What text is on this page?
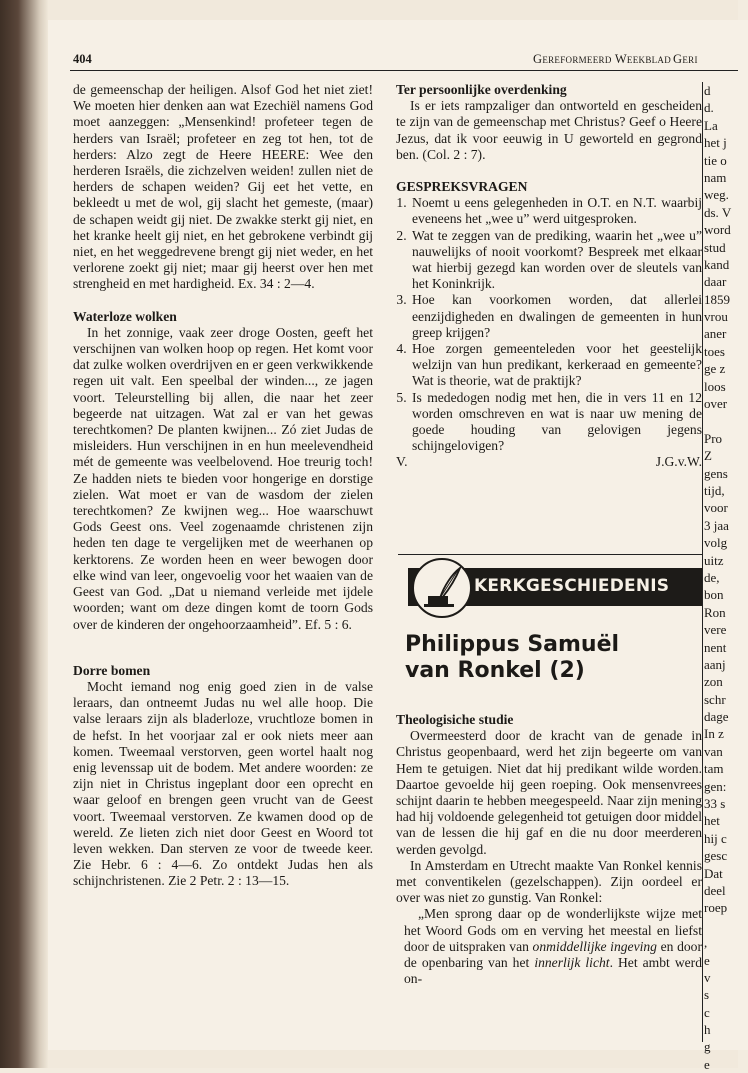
404	Gereformeerd Weekblad Geri

de gemeenschap der heiligen. Alsof God het niet ziet! We moeten hier denken aan wat Ezechiël namens God moet aanzeggen: „Mensenkind! profeteer tegen de herders van Israël; profeteer en zeg tot hen, tot de herders: Alzo zegt de Heere HEERE: Wee den herderen Israëls, die zichzelven weiden! zullen niet de herders de schapen weiden? Gij eet het vette, en bekleedt u met de wol, gij slacht het gemeste, (maar) de schapen weidt gij niet. De zwakke sterkt gij niet, en het kranke heelt gij niet, en het gebrokene verbindt gij niet, en het weggedrevene brengt gij niet weder, en het verlorene zoekt gij niet; maar gij heerst over hen met strengheid en met hardigheid. Ex. 34 : 2—4.

Waterloze wolken

In het zonnige, vaak zeer droge Oosten, geeft het verschijnen van wolken hoop op regen. Het komt voor dat zulke wolken overdrijven en er geen verkwikkende regen uit valt. Een speelbal der winden..., ze jagen voort. Teleurstelling bij allen, die naar het zeer begeerde nat uitzagen. Wat zal er van het gewas terechtkomen? De planten kwijnen... Zó ziet Judas de misleiders. Hun verschijnen in en hun meelevendheid mét de gemeente was veelbelovend. Hoe treurig toch! Ze hadden niets te bieden voor hongerige en dorstige zielen. Wat moet er van de wasdom der zielen terechtkomen? Ze kwijnen weg... Hoe waarschuwt Gods Geest ons. Veel zogenaamde christenen zijn heden ten dage te vergelijken met de weerhanen op kerktorens. Ze worden heen en weer bewogen door elke wind van leer, ongevoelig voor het waaien van de Geest van God. „Dat u niemand verleide met ijdele woorden; want om deze dingen komt de toorn Gods over de kinderen der ongehoorzaamheid”. Ef. 5 : 6.

Dorre bomen

Mocht iemand nog enig goed zien in de valse leraars, dan ontneemt Judas nu wel alle hoop. Die valse leraars zijn als bladerloze, vruchtloze bomen in de hefst. In het voorjaar zal er ook niets meer aan komen. Tweemaal verstorven, geen wortel haalt nog enig levenssap uit de bodem. Met andere woorden: ze zijn niet in Christus ingeplant door een oprecht en waar geloof en brengen geen vrucht van de Geest voort. Tweemaal verstorven. Ze kwamen dood op de wereld. Ze lieten zich niet door Geest en Woord tot leven wekken. Dan sterven ze voor de tweede keer. Zie Hebr. 6 : 4—6. Zo ontdekt Judas hen als schijnchristenen. Zie 2 Petr. 2 : 13—15.

Ter persoonlijke overdenking

Is er iets rampzaliger dan ontworteld en gescheiden te zijn van de gemeenschap met Christus? Geef o Heere Jezus, dat ik voor eeuwig in U geworteld en gegrond ben. (Col. 2 : 7).

GESPREKSVRAGEN
1. Noemt u eens gelegenheden in O.T. en N.T. waarbij eveneens het „wee u” werd uitgesproken.
2. Wat te zeggen van de prediking, waarin het „wee u” nauwelijks of nooit voorkomt? Bespreek met elkaar wat hierbij gezegd kan worden over de sleutels van het Koninkrijk.
3. Hoe kan voorkomen worden, dat allerlei eenzijdigheden en dwalingen de gemeenten in hun greep krijgen?
4. Hoe zorgen gemeenteleden voor het geestelijk welzijn van hun predikant, kerkeraad en gemeente? Wat is theorie, wat de praktijk?
5. Is mededogen nodig met hen, die in vers 11 en 12 worden omschreven en wat is naar uw mening de goede houding van gelovigen jegens schijngelovigen?
V.	J.G.v.W.
KERKGESCHIEDENIS
Philippus Samuël
van Ronkel (2)
Theologisiche studie

Overmeesterd door de kracht van de genade in Christus geopenbaard, werd het zijn begeerte om van Hem te getuigen. Niet dat hij predikant wilde worden. Daartoe gevoelde hij geen roeping. Ook mensenvrees schijnt daarin te hebben meegespeeld. Naar zijn mening had hij voldoende gelegenheid tot getuigen door middel van de lessen die hij gaf en die nu door meerderen werden gevolgd.

In Amsterdam en Utrecht maakte Van Ronkel kennis met conventikelen (gezelschappen). Zijn oordeel er over was niet zo gunstig. Van Ronkel:

„Men sprong daar op de wonderlijkste wijze met het Woord Gods om en verving het meestal en liefst door de uitspraken van onmiddellijke ingeving en door de openbaring van het innerlijk licht. Het ambt werd on-

d
d.
La
het j
tie o
nam
weg.
ds. V
word
stud
kand
daar
1859
vrou
aner
toes
ge z
loos
over
Pro
Z
gens
tijd,
voor
3 jaa
volg
uitz
de,
bon
Ron
vere
nent
aanj
zon
schr
dage
In z
van
tam
gen:
33 s
het
hij c
gesc
Dat
deel
roep
,
e
v
s
c
h
g
e
